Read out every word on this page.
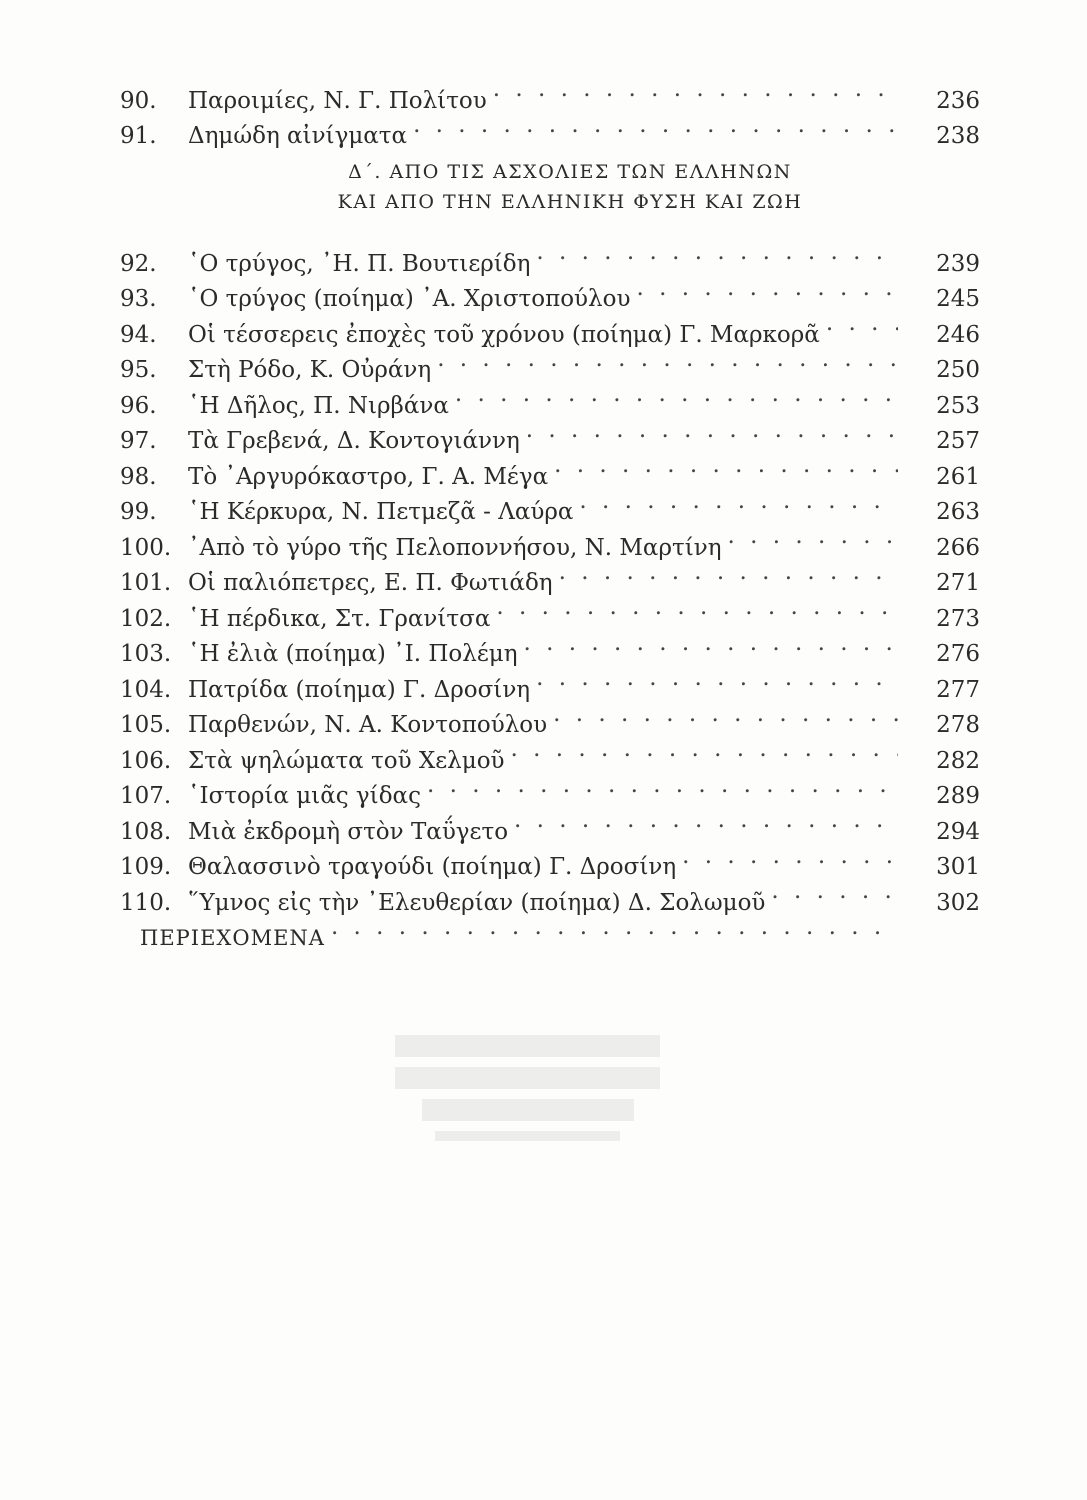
90.	Παροιμίες, Ν. Γ. Πολίτου . . .	236
91.	Δημώδη αἰνίγματα . . .	238
Δ΄. ΑΠΟ ΤΙΣ ΑΣΧΟΛΙΕΣ ΤΩΝ ΕΛΛΗΝΩΝ
ΚΑΙ ΑΠΟ ΤΗΝ ΕΛΛΗΝΙΚΗ ΦΥΣΗ ΚΑΙ ΖΩΗ
92.	῾Ο τρύγος, ᾿Η. Π. Βουτιερίδη . . .	239
93.	῾Ο τρύγος (ποίημα) ᾿Α. Χριστοπούλου . . .	245
94.	Οἱ τέσσερεις ἐποχὲς τοῦ χρόνου (ποίημα) Γ. Μαρκορᾶ . . .	246
95.	Στὴ Ρόδο, Κ. Οὐράνη . . .	250
96.	῾Η Δῆλος, Π. Νιρβάνα . . .	253
97.	Τὰ Γρεβενά, Δ. Κοντογιάννη . . .	257
98.	Τὸ ᾿Αργυρόκαστρο, Γ. Α. Μέγα . . .	261
99.	῾Η Κέρκυρα, Ν. Πετμεζᾶ - Λαύρα . . .	263
100. ᾿Απὸ τὸ γύρο τῆς Πελοποννήσου, Ν. Μαρτίνη . . .	266
101. Οἱ παλιόπετρες, Ε. Π. Φωτιάδη . . .	271
102. ῾Η πέρδικα, Στ. Γρανίτσα . . .	273
103. ῾Η ἐλιὰ (ποίημα) ᾿Ι. Πολέμη . . .	276
104. Πατρίδα (ποίημα) Γ. Δροσίνη . . .	277
105. Παρθενών, Ν. Α. Κοντοπούλου . . .	278
106. Στὰ ψηλώματα τοῦ Χελμοῦ . . .	282
107. ῾Ιστορία μιᾶς γίδας . . .	289
108. Μιὰ ἐκδρομὴ στὸν Ταΰγετο . . .	294
109. Θαλασσινὸ τραγούδι (ποίημα) Γ. Δροσίνη . . .	301
110. ῞Υμνος εἰς τὴν ᾿Ελευθερίαν (ποίημα) Δ. Σολωμοῦ . . .	302
ΠΕΡΙΕΧΟΜΕΝΑ
. . .
